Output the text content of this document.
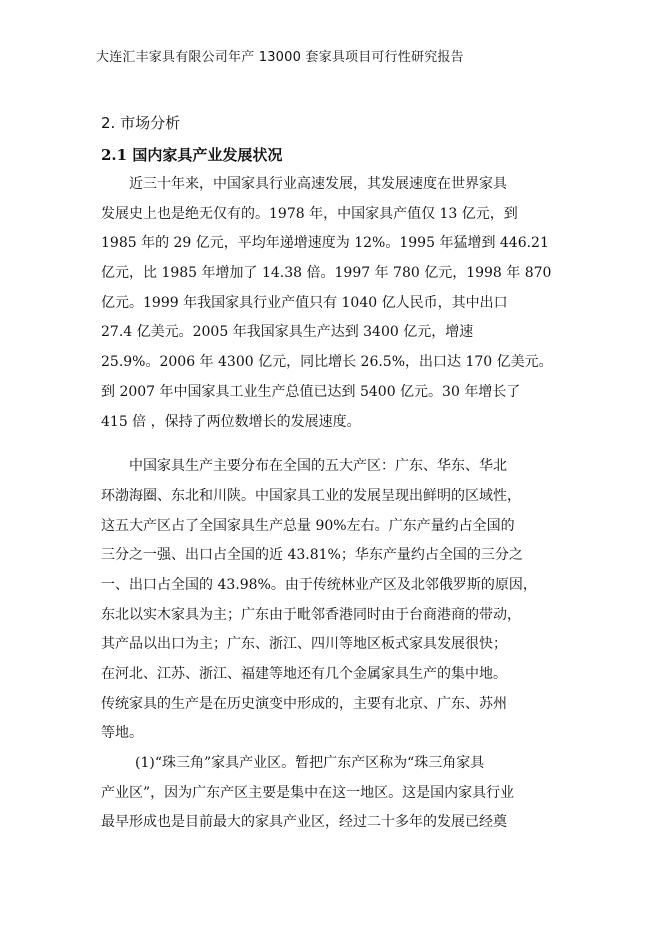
大连汇丰家具有限公司年产 13000 套家具项目可行性研究报告
2. 市场分析
2.1 国内家具产业发展状况
近三十年来，中国家具行业高速发展，其发展速度在世界家具
发展史上也是绝无仅有的。1978 年，中国家具产值仅 13 亿元，到
1985 年的 29 亿元，平均年递增速度为 12%。1995 年猛增到 446.21
亿元，比 1985 年增加了 14.38 倍。1997 年 780 亿元，1998 年 870
亿元。1999 年我国家具行业产值只有 1040 亿人民币，其中出口
27.4 亿美元。2005 年我国家具生产达到 3400 亿元，增速
25.9%。2006 年 4300 亿元，同比增长 26.5%，出口达 170 亿美元。
到 2007 年中国家具工业生产总值已达到 5400 亿元。30 年增长了
415 倍 ，保持了两位数增长的发展速度。
中国家具生产主要分布在全国的五大产区：广东、华东、华北
环渤海圈、东北和川陕。中国家具工业的发展呈现出鲜明的区域性，
这五大产区占了全国家具生产总量 90%左右。广东产量约占全国的
三分之一强、出口占全国的近 43.81%；华东产量约占全国的三分之
一、出口占全国的 43.98%。由于传统林业产区及北邻俄罗斯的原因，
东北以实木家具为主；广东由于毗邻香港同时由于台商港商的带动，
其产品以出口为主；广东、浙江、四川等地区板式家具发展很快；
在河北、江苏、浙江、福建等地还有几个金属家具生产的集中地。
传统家具的生产是在历史演变中形成的，主要有北京、广东、苏州
等地。
(1)“珠三角”家具产业区。暂把广东产区称为“珠三角家具
产业区”，因为广东产区主要是集中在这一地区。这是国内家具行业
最早形成也是目前最大的家具产业区，经过二十多年的发展已经奠
